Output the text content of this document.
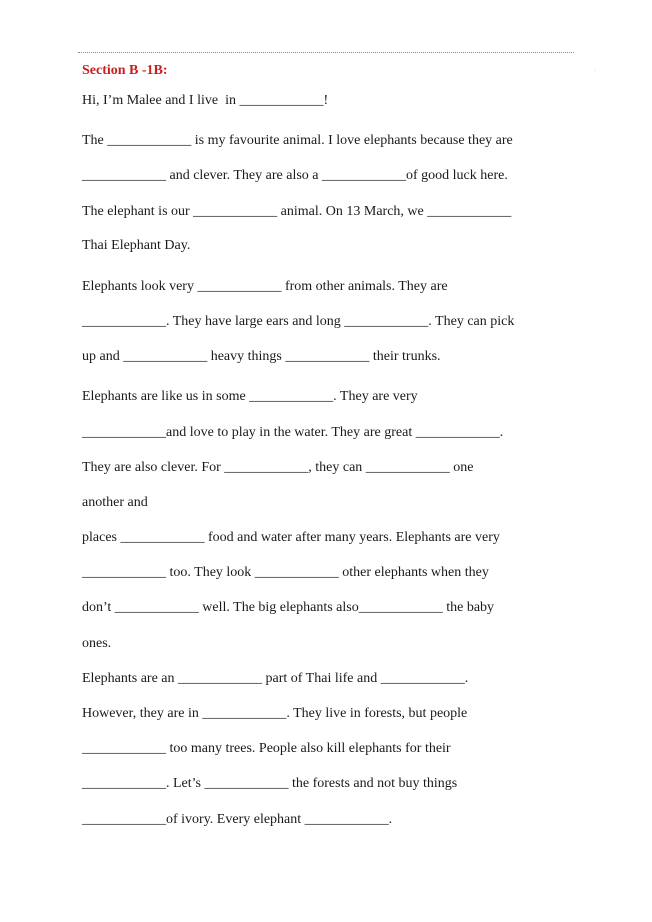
·
Section B -1B:
Hi, I’m Malee and I live  in ____________!
The ____________ is my favourite animal. I love elephants because they are
____________ and clever. They are also a ____________of good luck here.
The elephant is our ____________ animal. On 13 March, we ____________
Thai Elephant Day.
Elephants look very ____________ from other animals. They are
____________. They have large ears and long ____________. They can pick
up and ____________ heavy things ____________ their trunks.
Elephants are like us in some ____________. They are very
____________and love to play in the water. They are great ____________.
They are also clever. For ____________, they can ____________ one
another and
places ____________ food and water after many years. Elephants are very
____________ too. They look ____________ other elephants when they
don’t ____________ well. The big elephants also____________ the baby
ones.
Elephants are an ____________ part of Thai life and ____________.
However, they are in ____________. They live in forests, but people
____________ too many trees. People also kill elephants for their
____________. Let’s ____________ the forests and not buy things
____________of ivory. Every elephant ____________.
